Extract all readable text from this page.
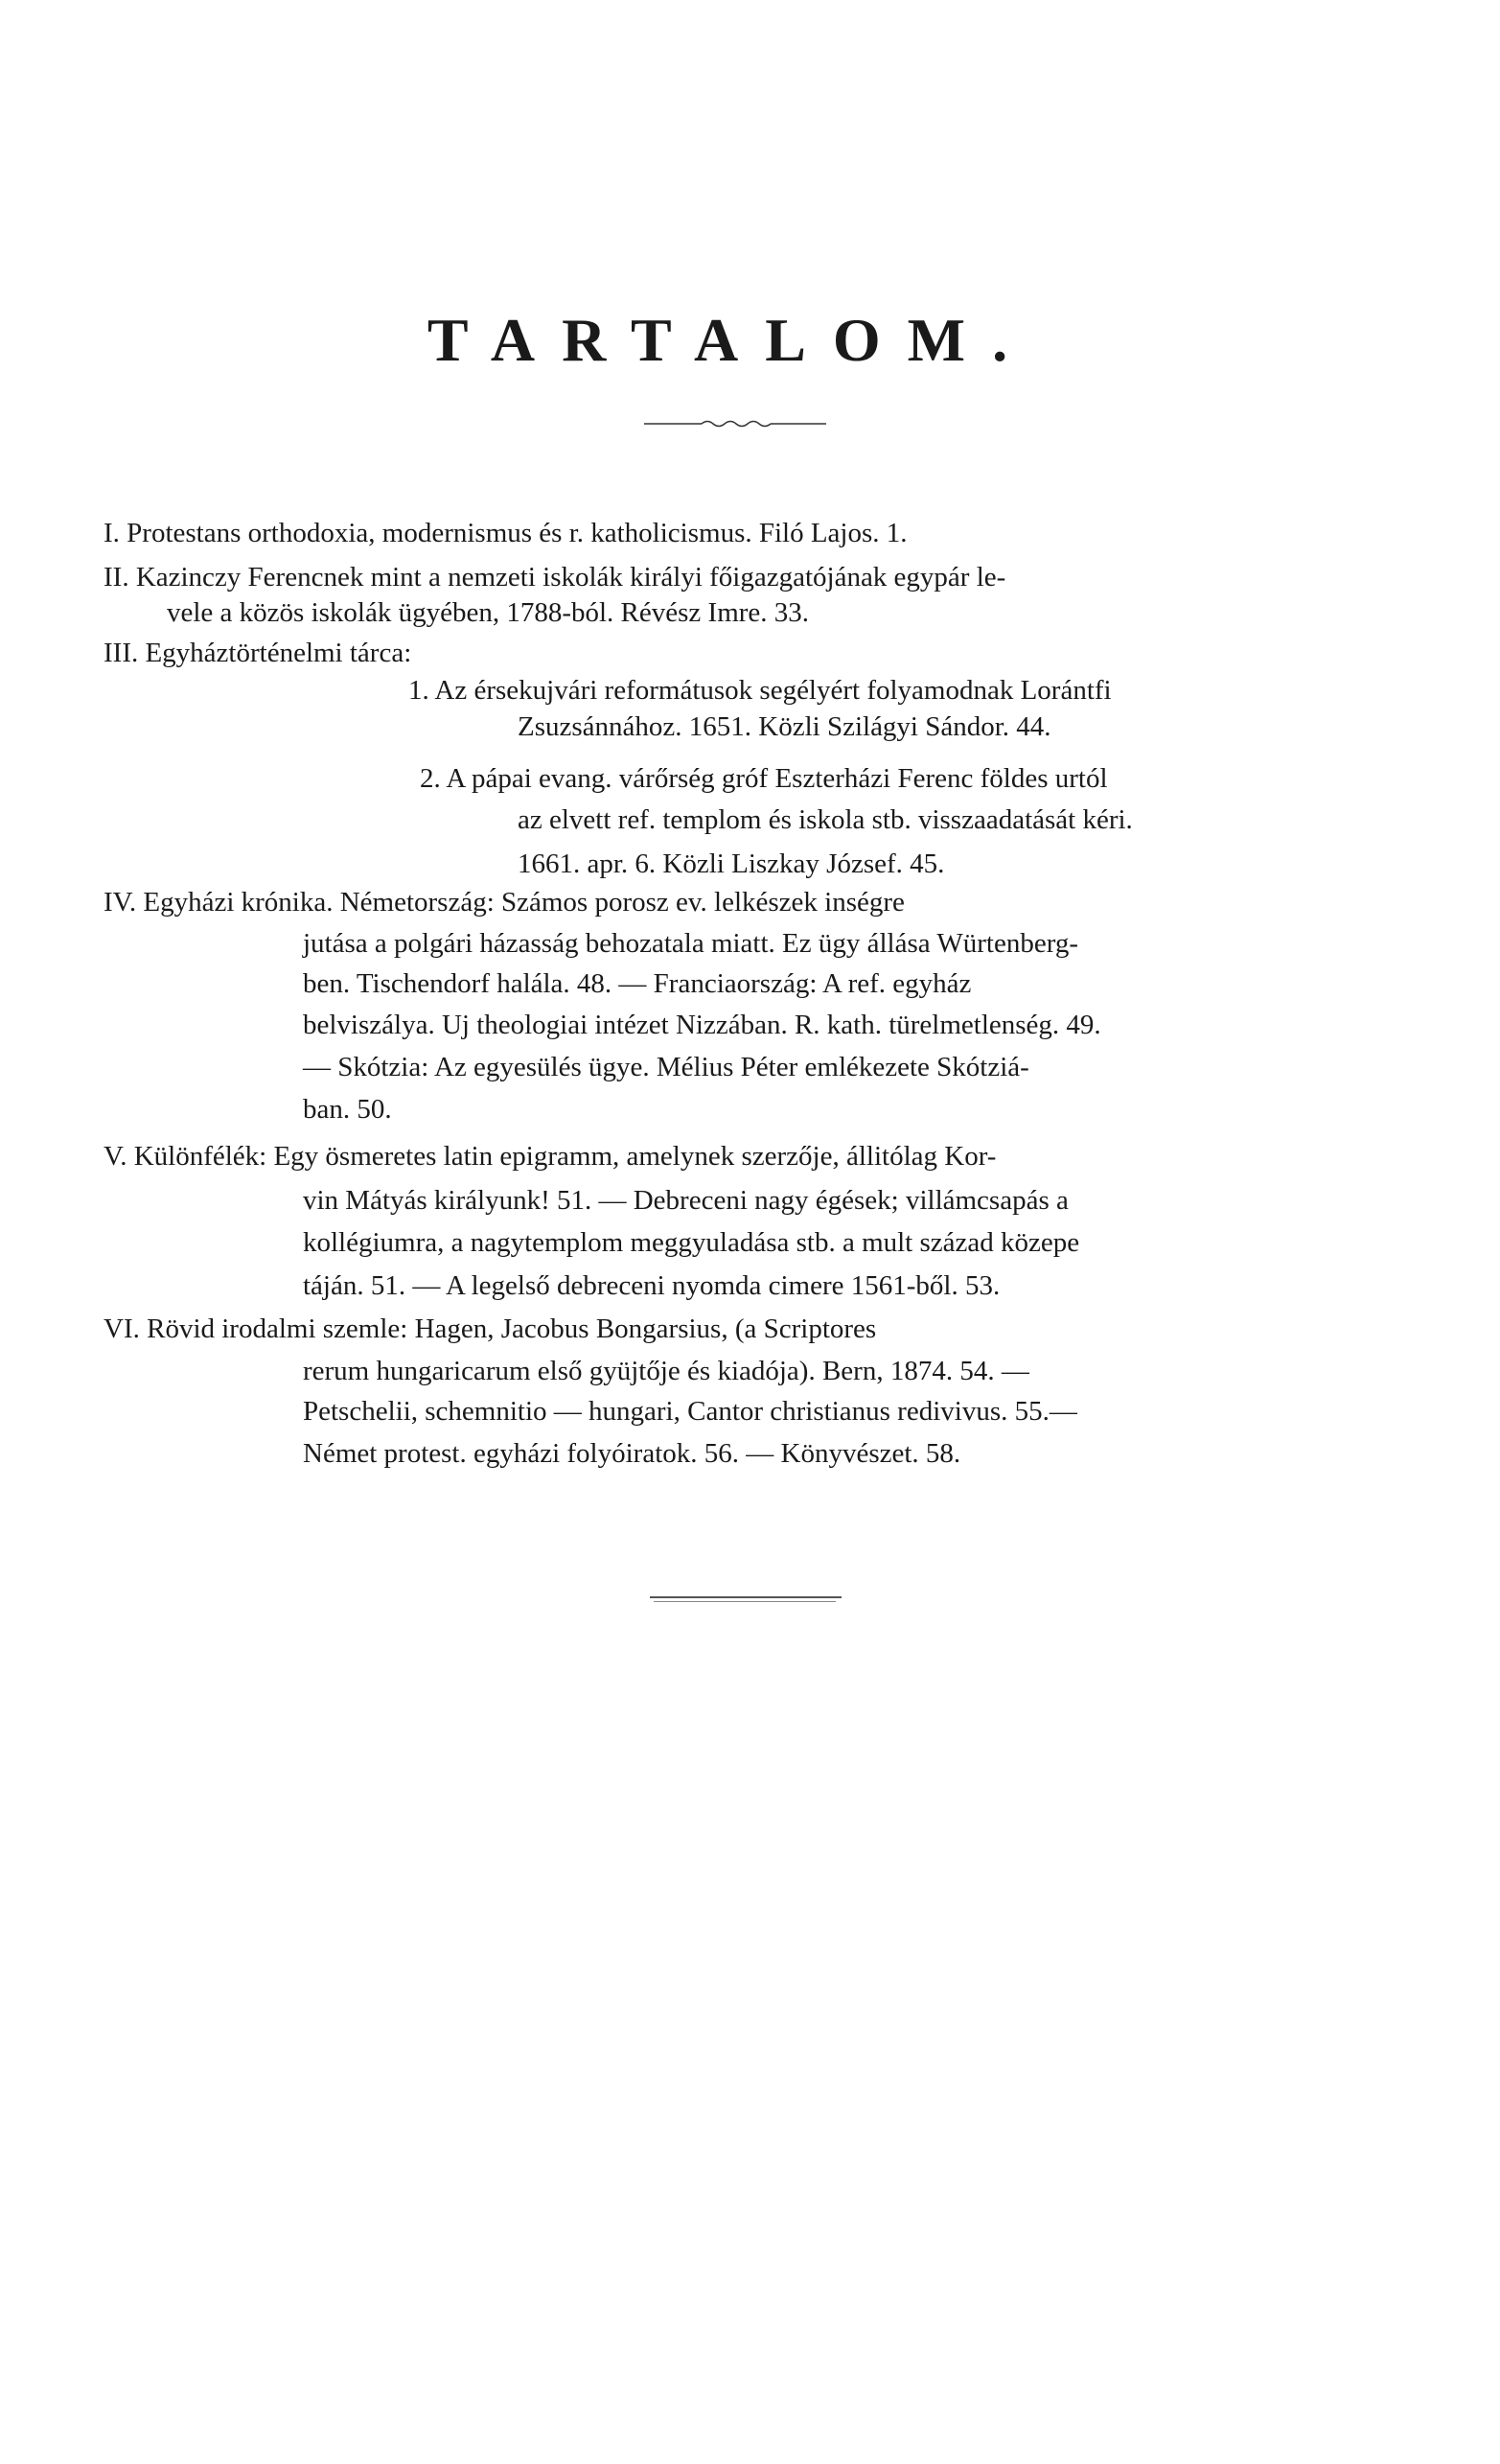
TARTALOM.
I. Protestans orthodoxia, modernismus és r. katholicismus. Filó Lajos. 1.
II. Kazinczy Ferencnek mint a nemzeti iskolák királyi főigazgatójának egypár le-
vele a közös iskolák ügyében, 1788-ból. Révész Imre. 33.
III. Egyháztörténelmi tárca:
1. Az érsekujvári reformátusok segélyért folyamodnak Lorántfi
Zsuzsánnához. 1651. Közli Szilágyi Sándor. 44.
2. A pápai evang. várőrség gróf Eszterházi Ferenc földes urtól
az elvett ref. templom és iskola stb. visszaadatását kéri.
1661. apr. 6. Közli Liszkay József. 45.
IV. Egyházi krónika. Németország: Számos porosz ev. lelkészek inségre
jutása a polgári házasság behozatala miatt. Ez ügy állása Würtenberg-
ben. Tischendorf halála. 48. — Franciaország: A ref. egyház
belviszálya. Uj theologiai intézet Nizzában. R. kath. türelmetlenség. 49.
— Skótzia: Az egyesülés ügye. Mélius Péter emlékezete Skótziá-
ban. 50.
V. Különfélék: Egy ösmeretes latin epigramm, amelynek szerzője, állitólag Kor-
vin Mátyás királyunk! 51. — Debreceni nagy égések; villámcsapás a
kollégiumra, a nagytemplom meggyuladása stb. a mult század közepe
táján. 51. — A legelső debreceni nyomda cimere 1561-ből. 53.
VI. Rövid irodalmi szemle: Hagen, Jacobus Bongarsius, (a Scriptores
rerum hungaricarum első gyüjtője és kiadója). Bern, 1874. 54. —
Petschelii, schemnitio — hungari, Cantor christianus redivivus. 55.—
Német protest. egyházi folyóiratok. 56. — Könyvészet. 58.
